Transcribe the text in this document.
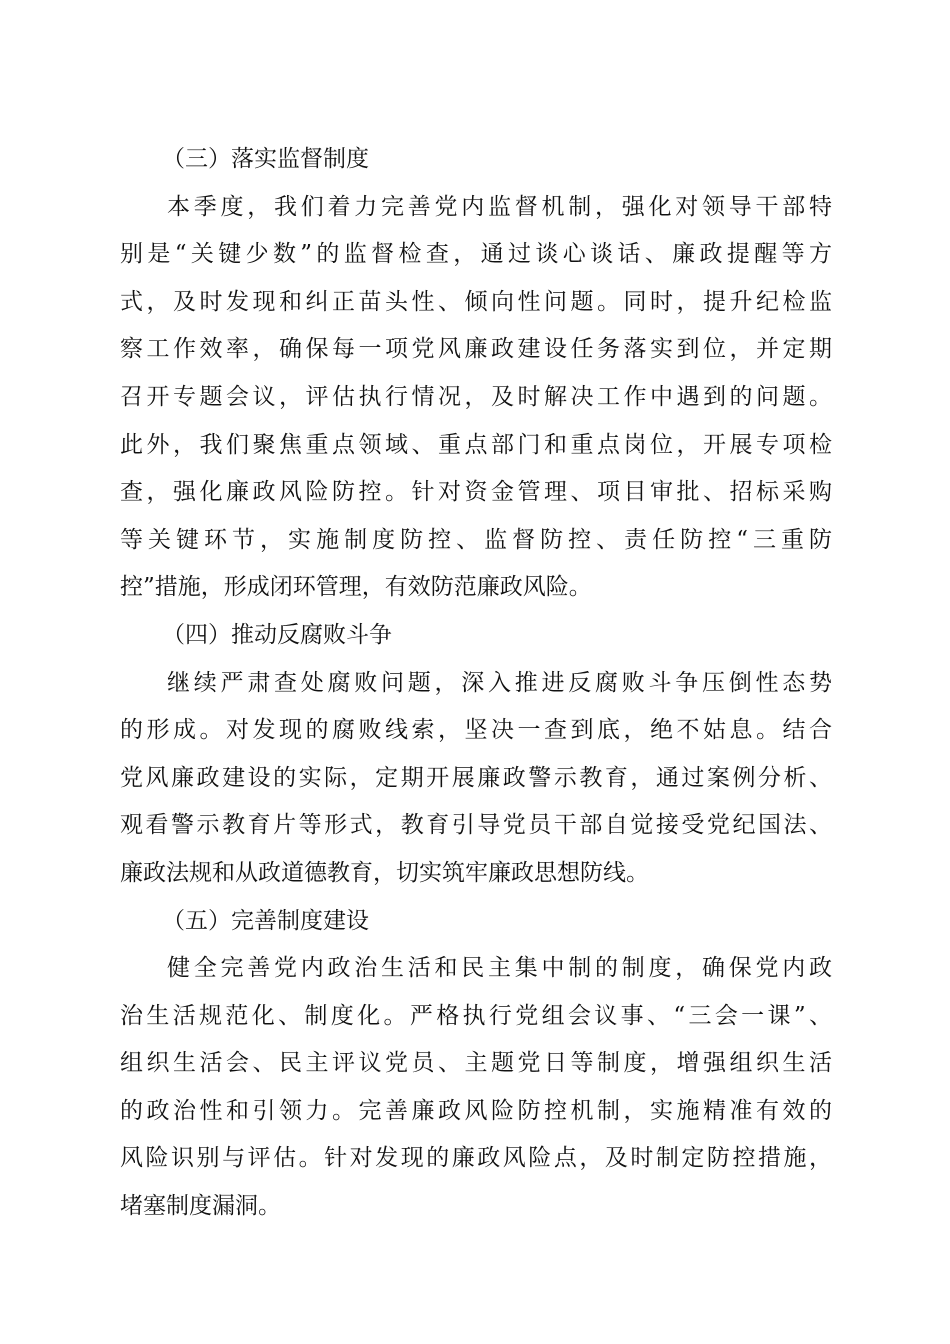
（三）落实监督制度
本季度，我们着力完善党内监督机制，强化对领导干部特
别是“关键少数”的监督检查，通过谈心谈话、廉政提醒等方
式，及时发现和纠正苗头性、倾向性问题。同时，提升纪检监
察工作效率，确保每一项党风廉政建设任务落实到位，并定期
召开专题会议，评估执行情况，及时解决工作中遇到的问题。
此外，我们聚焦重点领域、重点部门和重点岗位，开展专项检
查，强化廉政风险防控。针对资金管理、项目审批、招标采购
等关键环节，实施制度防控、监督防控、责任防控“三重防
控”措施，形成闭环管理，有效防范廉政风险。
（四）推动反腐败斗争
继续严肃查处腐败问题，深入推进反腐败斗争压倒性态势
的形成。对发现的腐败线索，坚决一查到底，绝不姑息。结合
党风廉政建设的实际，定期开展廉政警示教育，通过案例分析、
观看警示教育片等形式，教育引导党员干部自觉接受党纪国法、
廉政法规和从政道德教育，切实筑牢廉政思想防线。
（五）完善制度建设
健全完善党内政治生活和民主集中制的制度，确保党内政
治生活规范化、制度化。严格执行党组会议事、“三会一课”、
组织生活会、民主评议党员、主题党日等制度，增强组织生活
的政治性和引领力。完善廉政风险防控机制，实施精准有效的
风险识别与评估。针对发现的廉政风险点，及时制定防控措施，
堵塞制度漏洞。
